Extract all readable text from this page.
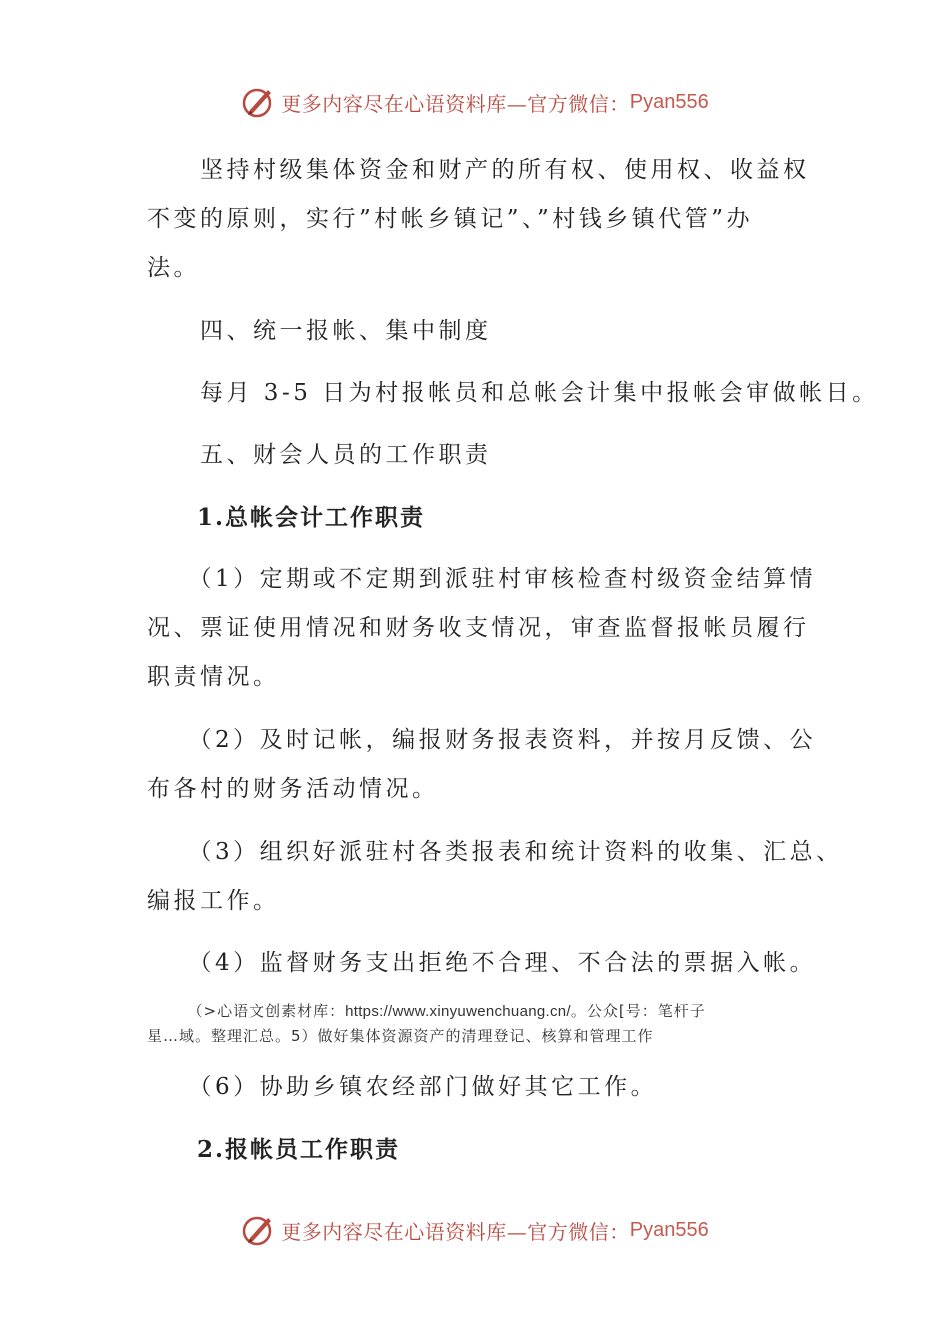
更多内容尽在心语资料库—官方微信： Pyan556

　　坚持村级集体资金和财产的所有权、使用权、收益权

不变的原则，实行”村帐乡镇记”、”村钱乡镇代管”办

法。

　　四、统一报帐、集中制度

　　每月 3-5 日为村报帐员和总帐会计集中报帐会审做帐日。

　　五、财会人员的工作职责

　　1.总帐会计工作职责

　　（1）定期或不定期到派驻村审核检查村级资金结算情

况、票证使用情况和财务收支情况，审查监督报帐员履行

职责情况。

　　（2）及时记帐，编报财务报表资料，并按月反馈、公

布各村的财务活动情况。

　　（3）组织好派驻村各类报表和统计资料的收集、汇总、

编报工作。

　　（4）监督财务支出拒绝不合理、不合法的票据入帐。

　　　（>心语文创素材库：https://www.xinyuwenchuang.cn/。公众[号：笔杆子

星…域。整理汇总。5）做好集体资源资产的清理登记、核算和管理工作

　　（6）协助乡镇农经部门做好其它工作。

　　2.报帐员工作职责

更多内容尽在心语资料库—官方微信： Pyan556
